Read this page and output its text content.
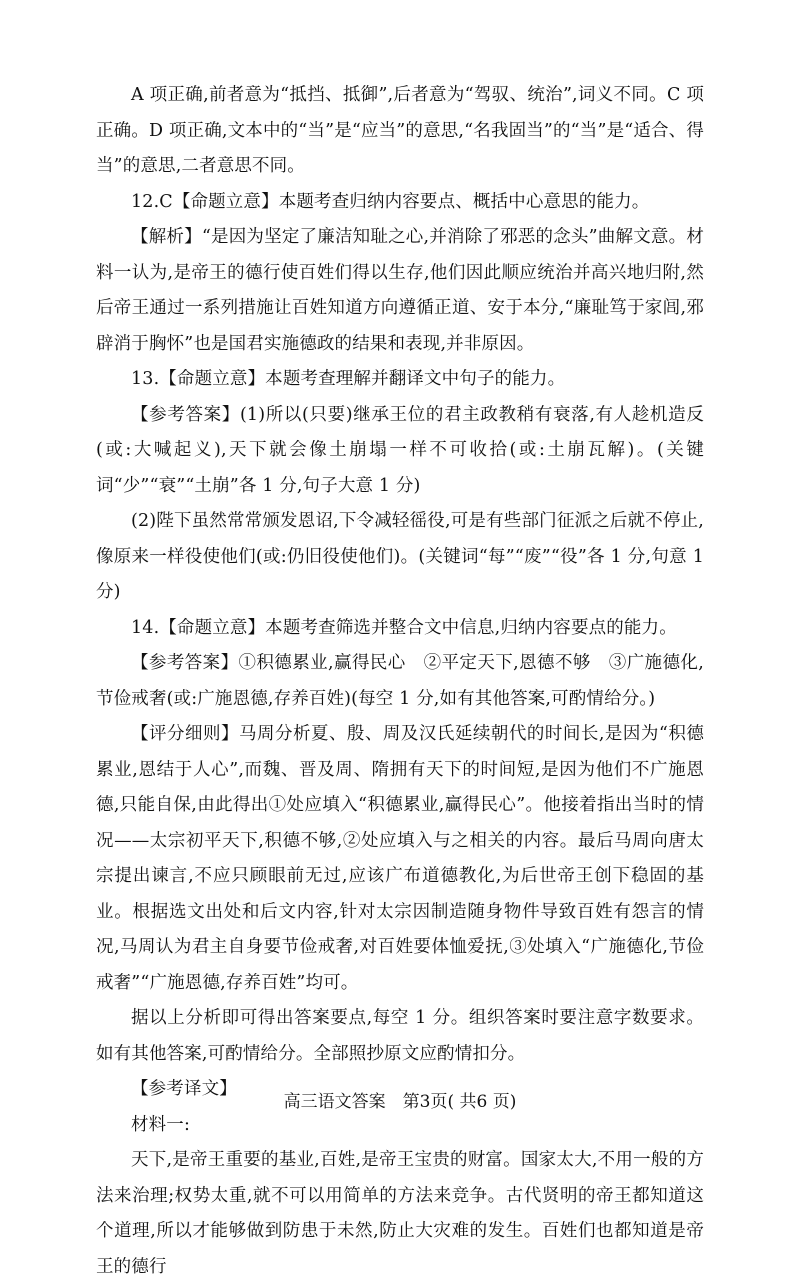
A 项正确,前者意为“抵挡、抵御”,后者意为“驾驭、统治”,词义不同。C 项正确。D 项正确,文本中的“当”是“应当”的意思,“名我固当”的“当”是“适合、得当”的意思,二者意思不同。

12.C【命题立意】本题考查归纳内容要点、概括中心意思的能力。

【解析】“是因为坚定了廉洁知耻之心,并消除了邪恶的念头”曲解文意。材料一认为,是帝王的德行使百姓们得以生存,他们因此顺应统治并高兴地归附,然后帝王通过一系列措施让百姓知道方向遵循正道、安于本分,“廉耻笃于家闾,邪辟消于胸怀”也是国君实施德政的结果和表现,并非原因。

13.【命题立意】本题考查理解并翻译文中句子的能力。

【参考答案】(1)所以(只要)继承王位的君主政教稍有衰落,有人趁机造反(或:大喊起义),天下就会像土崩塌一样不可收拾(或:土崩瓦解)。(关键词“少”“衰”“土崩”各 1 分,句子大意 1 分)

(2)陛下虽然常常颁发恩诏,下令减轻徭役,可是有些部门征派之后就不停止,像原来一样役使他们(或:仍旧役使他们)。(关键词“每”“废”“役”各 1 分,句意 1 分)

14.【命题立意】本题考查筛选并整合文中信息,归纳内容要点的能力。

【参考答案】①积德累业,赢得民心　②平定天下,恩德不够　③广施德化,节俭戒奢(或:广施恩德,存养百姓)(每空 1 分,如有其他答案,可酌情给分。)

【评分细则】马周分析夏、殷、周及汉氏延续朝代的时间长,是因为“积德累业,恩结于人心”,而魏、晋及周、隋拥有天下的时间短,是因为他们不广施恩德,只能自保,由此得出①处应填入“积德累业,赢得民心”。他接着指出当时的情况——太宗初平天下,积德不够,②处应填入与之相关的内容。最后马周向唐太宗提出谏言,不应只顾眼前无过,应该广布道德教化,为后世帝王创下稳固的基业。根据选文出处和后文内容,针对太宗因制造随身物件导致百姓有怨言的情况,马周认为君主自身要节俭戒奢,对百姓要体恤爱抚,③处填入“广施德化,节俭戒奢”“广施恩德,存养百姓”均可。

据以上分析即可得出答案要点,每空 1 分。组织答案时要注意字数要求。如有其他答案,可酌情给分。全部照抄原文应酌情扣分。

【参考译文】

材料一:

天下,是帝王重要的基业,百姓,是帝王宝贵的财富。国家太大,不用一般的方法来治理;权势太重,就不可以用简单的方法来竞争。古代贤明的帝王都知道这个道理,所以才能够做到防患于未然,防止大灾难的发生。百姓们也都知道是帝王的德行

高三语文答案　第3页( 共6 页)
